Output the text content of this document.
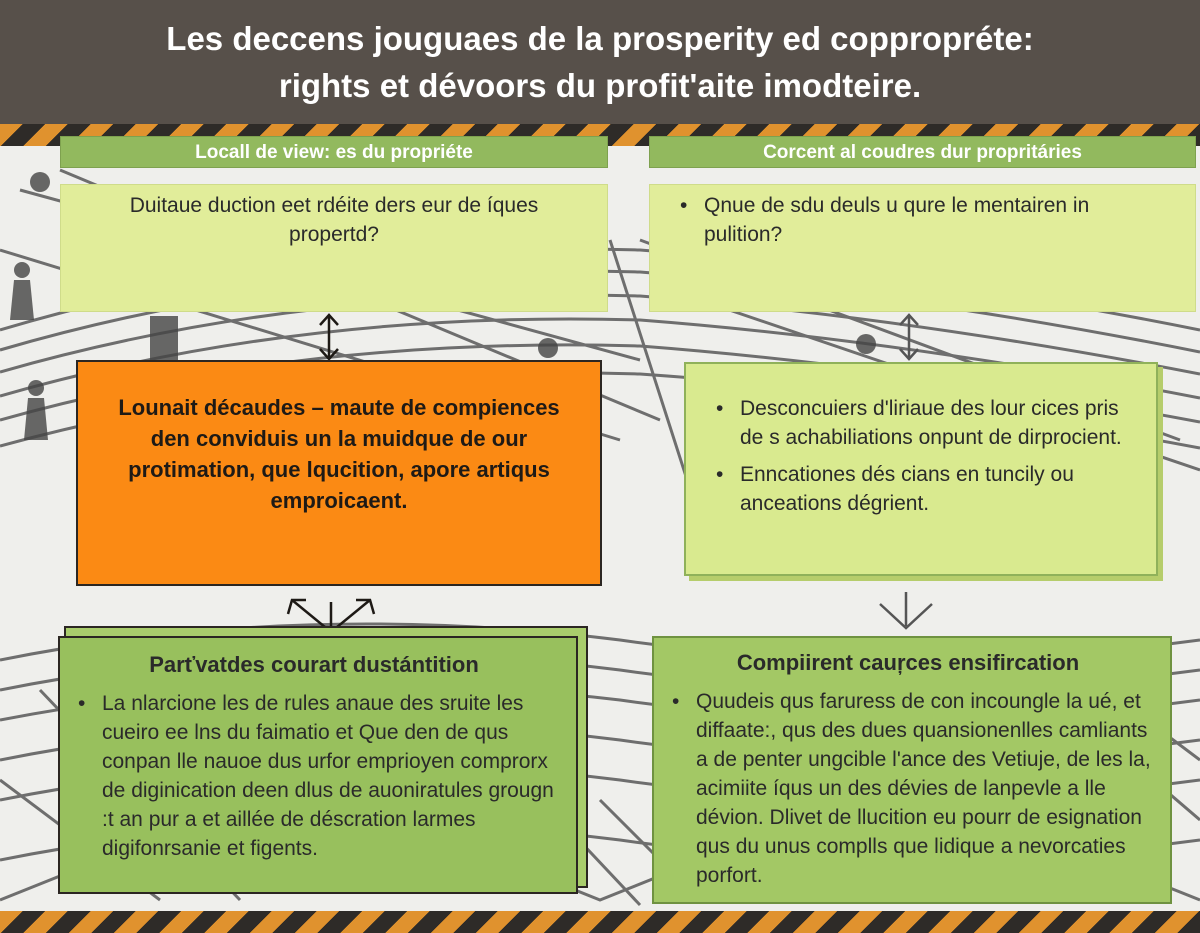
Les deccens jouguaes de la prosperity ed coppropréte:
rights et dévoors du profit'aite imodteire.
Locall de view: es du propriéte
Duitaue duction eet rdéite ders eur de íques propertd?
Lounait décaudes – maute de compiences den conviduis un la muidque de our protimation, que lqucition, apore artiqus emproicaent.
Parťvatdes courart dustántition
• La nlarcione les de rules anaue des sruite les cueiro ee lns du faimatio et Que den de qus conpan lle nauoe dus urfor emprioyen comprorx de diginication deen dlus de auoniratules grougn :t an pur a et aillée de déscration larmes digifonrsanie et figents.
Corcent al coudres dur propritáries
• Qnue de sdu deuls u qure le mentairen in pulition?
• Desconcuiers d'liriaue des lour cices pris de s achabiliations onpunt de dirprocient.
• Enncationes dés cians en tuncily ou anceations dégrient.
Compiirent cauŗces ensifircation
• Quudeis qus faruress de con incoungle la ué, et diffaate:, qus des dues quansionenlles camliants a de penter ungcible l'ance des Vetiuje, de les la, acimiite íqus un des dévies de lanpevle a lle dévion. Dlivet de llucition eu pourr de esignation qus du unus complls que lidique a nevorcaties porfort.
